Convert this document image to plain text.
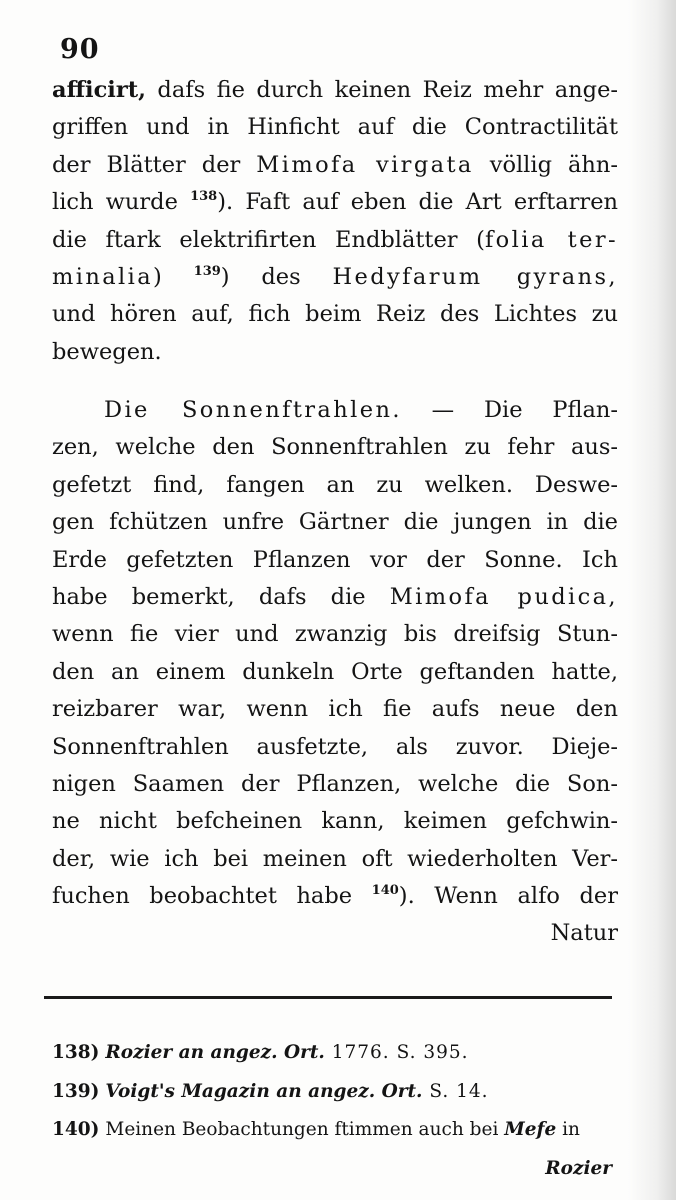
90
afficirt, dafs fie durch keinen Reiz mehr ange-
griffen und in Hinficht auf die Contractilität
der Blätter der Mimofa virgata völlig ähn-
lich wurde $^{138}$). Faft auf eben die Art erftarren
die ftark elektrifirten Endblätter (folia ter-
minalia) $^{139}$) des Hedyfarum gyrans,
und hören auf, fich beim Reiz des Lichtes zu
bewegen.
Die Sonnenftrahlen. — Die Pflan-
zen, welche den Sonnenftrahlen zu fehr aus-
gefetzt find, fangen an zu welken. Deswe-
gen fchützen unfre Gärtner die jungen in die
Erde gefetzten Pflanzen vor der Sonne. Ich
habe bemerkt, dafs die Mimofa pudica,
wenn fie vier und zwanzig bis dreifsig Stun-
den an einem dunkeln Orte geftanden hatte,
reizbarer war, wenn ich fie aufs neue den
Sonnenftrahlen ausfetzte, als zuvor. Dieje-
nigen Saamen der Pflanzen, welche die Son-
ne nicht befcheinen kann, keimen gefchwin-
der, wie ich bei meinen oft wiederholten Ver-
fuchen beobachtet habe $^{140}$). Wenn alfo der
Natur
138) Rozier an angez. Ort. 1776. S. 395.
139) Voigt's Magazin an angez. Ort. S. 14.
140) Meinen Beobachtungen ftimmen auch bei Mefe in
Rozier
